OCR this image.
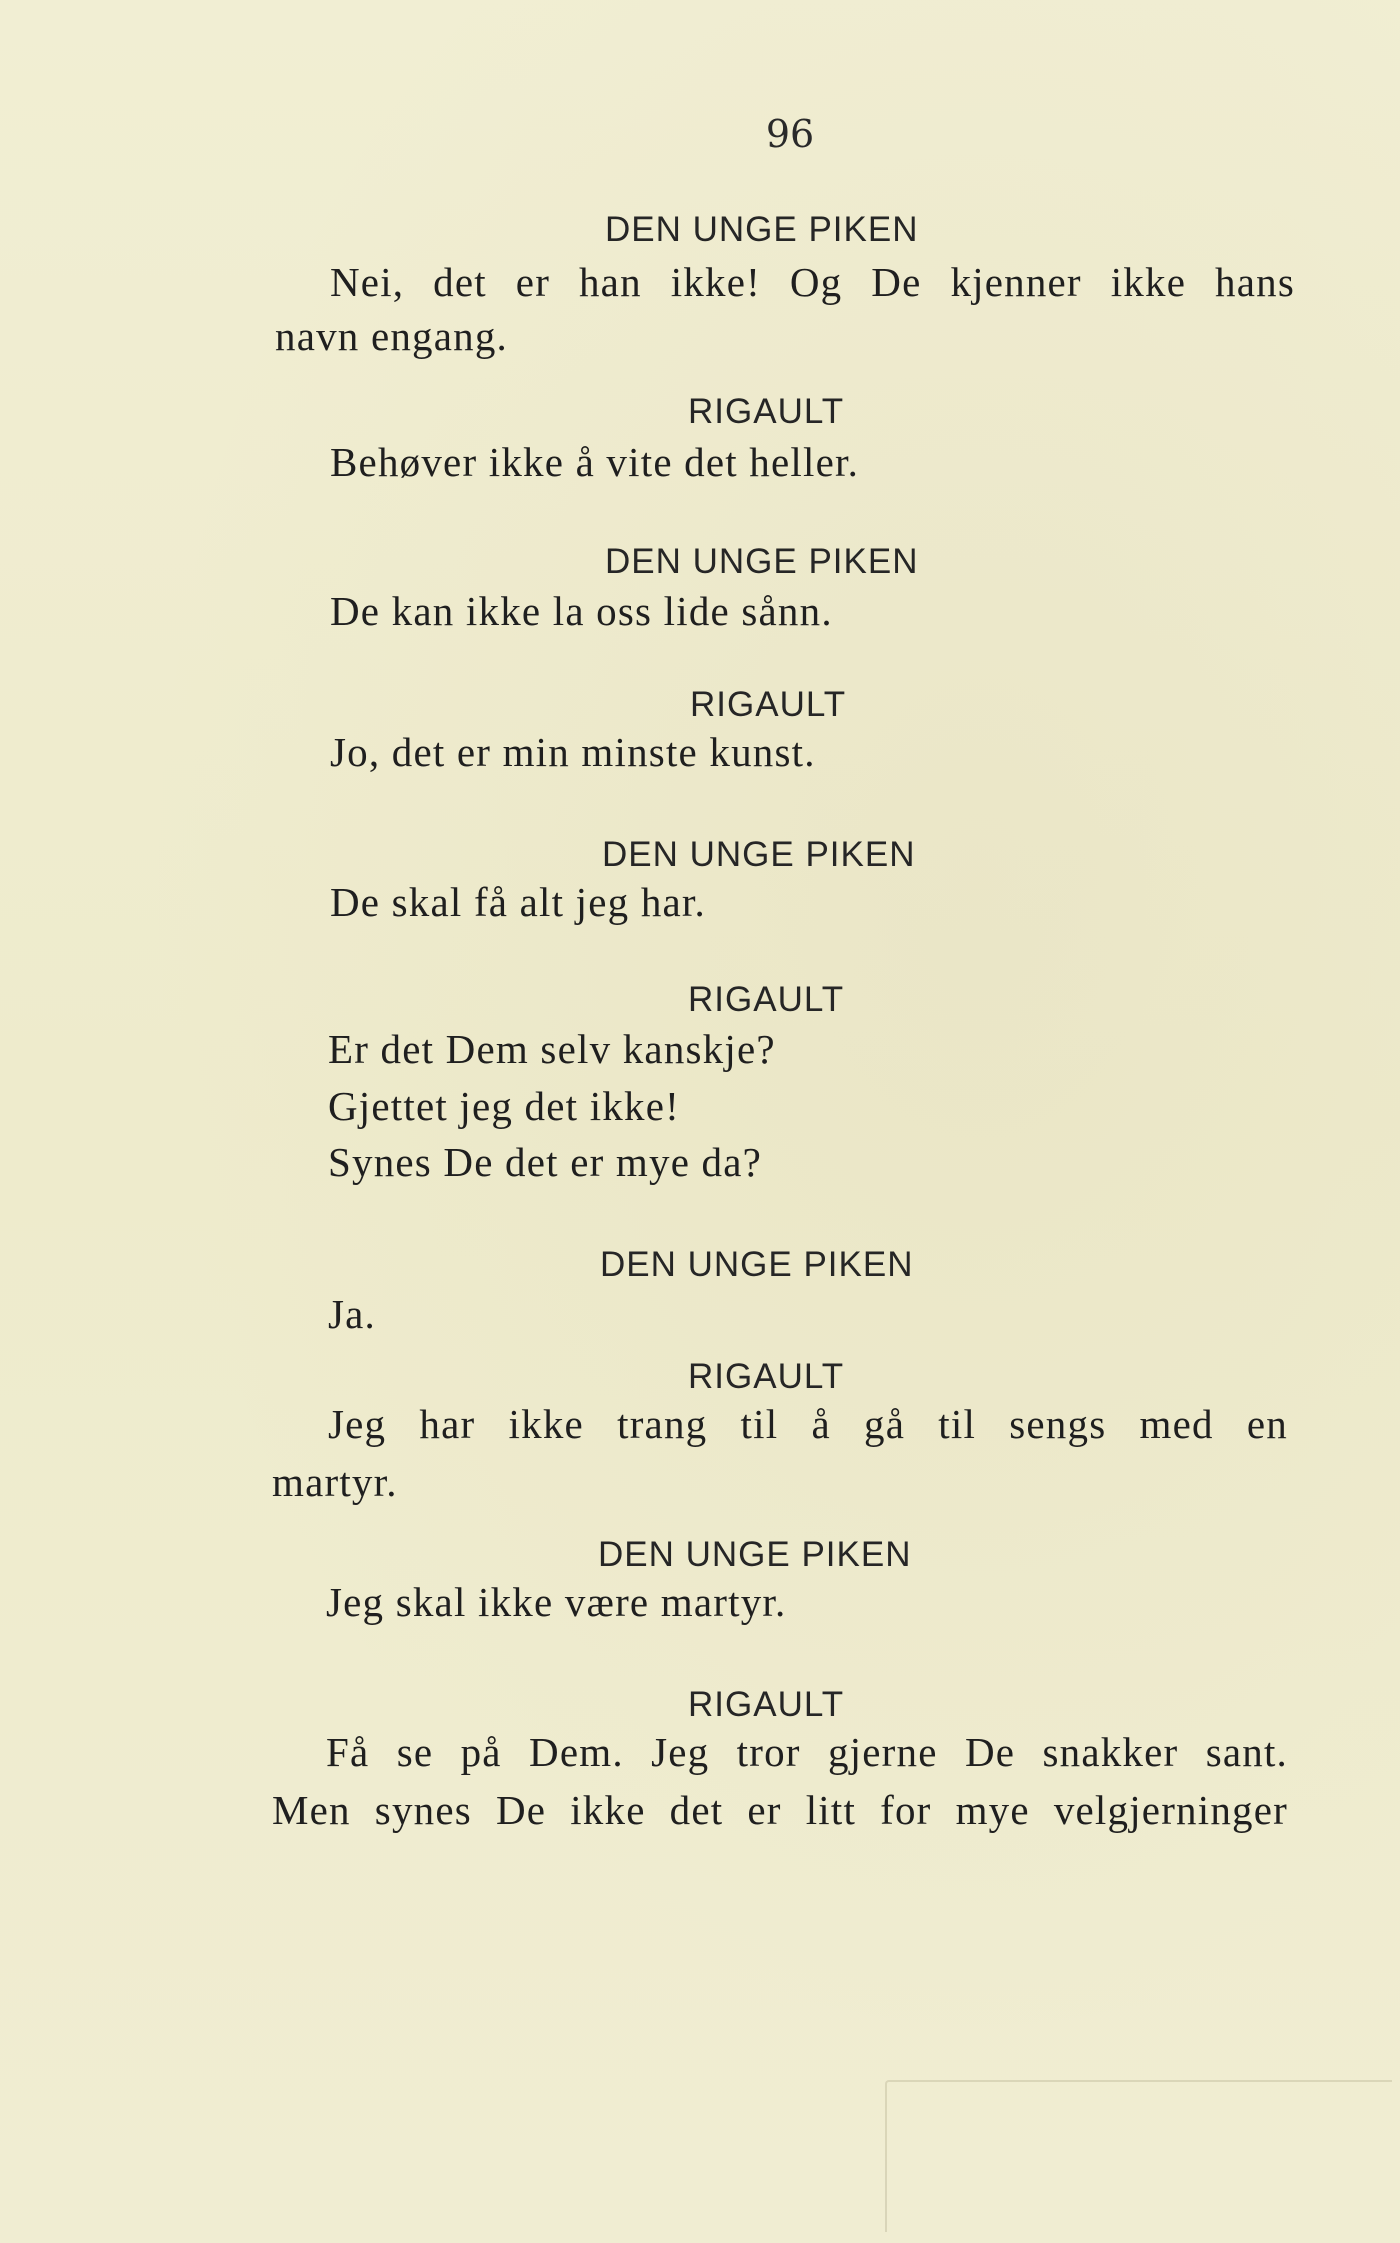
96
DEN UNGE PIKEN
Nei, det er han ikke! Og De kjenner ikke hans
navn engang.
RIGAULT
Behøver ikke å vite det heller.
DEN UNGE PIKEN
De kan ikke la oss lide sånn.
RIGAULT
Jo, det er min minste kunst.
DEN UNGE PIKEN
De skal få alt jeg har.
RIGAULT
Er det Dem selv kanskje?
Gjettet jeg det ikke!
Synes De det er mye da?
DEN UNGE PIKEN
Ja.
RIGAULT
Jeg har ikke trang til å gå til sengs med en
martyr.
DEN UNGE PIKEN
Jeg skal ikke være martyr.
RIGAULT
Få se på Dem. Jeg tror gjerne De snakker sant.
Men synes De ikke det er litt for mye velgjerninger
